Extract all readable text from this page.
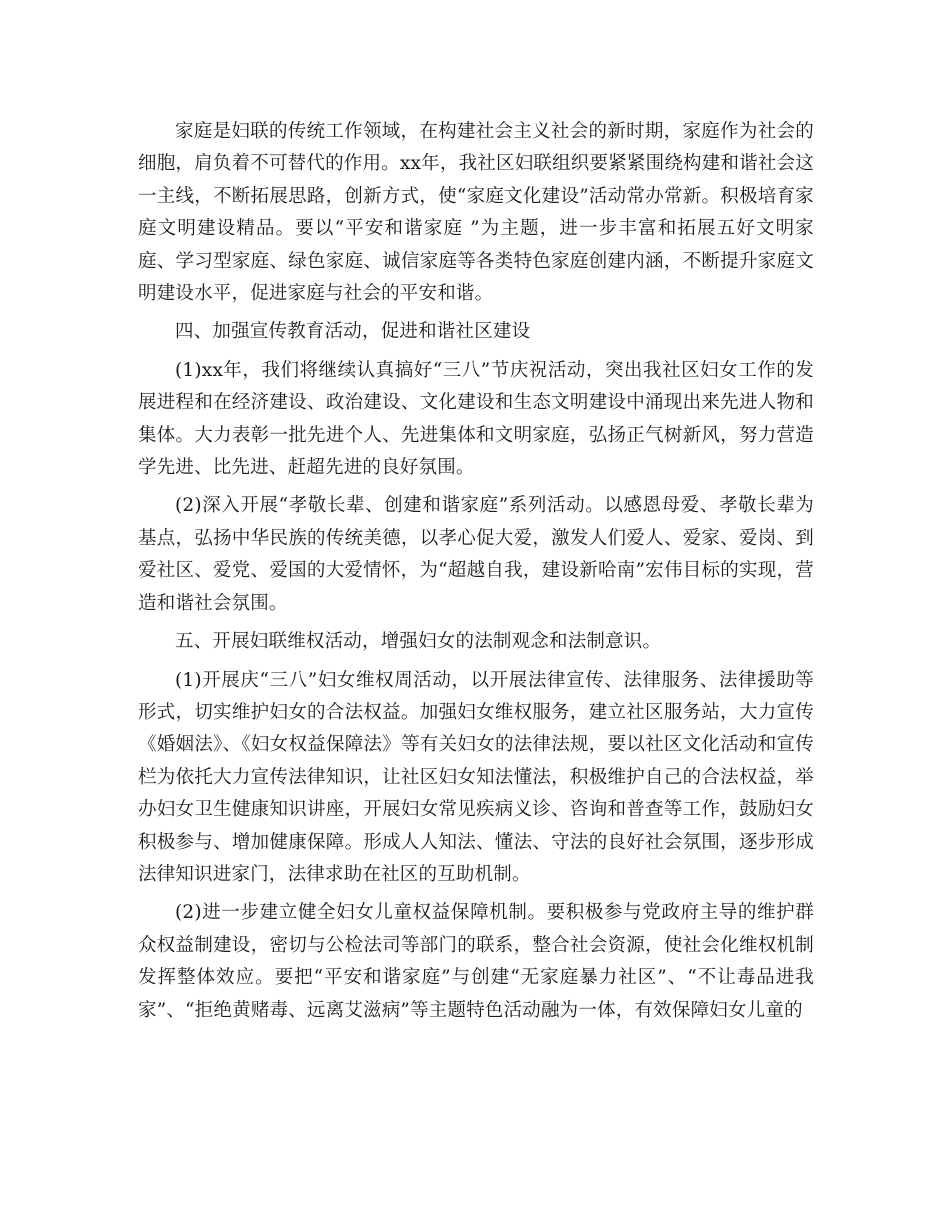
家庭是妇联的传统工作领域，在构建社会主义社会的新时期，家庭作为社会的细胞，肩负着不可替代的作用。xx年，我社区妇联组织要紧紧围绕构建和谐社会这一主线，不断拓展思路，创新方式，使“家庭文化建设”活动常办常新。积极培育家庭文明建设精品。要以“平安和谐家庭 ”为主题，进一步丰富和拓展五好文明家庭、学习型家庭、绿色家庭、诚信家庭等各类特色家庭创建内涵，不断提升家庭文明建设水平，促进家庭与社会的平安和谐。

四、加强宣传教育活动，促进和谐社区建设

(1)xx年，我们将继续认真搞好“三八”节庆祝活动，突出我社区妇女工作的发展进程和在经济建设、政治建设、文化建设和生态文明建设中涌现出来先进人物和集体。大力表彰一批先进个人、先进集体和文明家庭，弘扬正气树新风，努力营造学先进、比先进、赶超先进的良好氛围。

(2)深入开展“孝敬长辈、创建和谐家庭”系列活动。以感恩母爱、孝敬长辈为基点，弘扬中华民族的传统美德，以孝心促大爱，激发人们爱人、爱家、爱岗、到爱社区、爱党、爱国的大爱情怀，为“超越自我，建设新哈南”宏伟目标的实现，营造和谐社会氛围。

五、开展妇联维权活动，增强妇女的法制观念和法制意识。

(1)开展庆“三八”妇女维权周活动，以开展法律宣传、法律服务、法律援助等形式，切实维护妇女的合法权益。加强妇女维权服务，建立社区服务站，大力宣传《婚姻法》、《妇女权益保障法》等有关妇女的法律法规，要以社区文化活动和宣传栏为依托大力宣传法律知识，让社区妇女知法懂法，积极维护自己的合法权益，举办妇女卫生健康知识讲座，开展妇女常见疾病义诊、咨询和普查等工作，鼓励妇女积极参与、增加健康保障。形成人人知法、懂法、守法的良好社会氛围，逐步形成法律知识进家门，法律求助在社区的互助机制。

(2)进一步建立健全妇女儿童权益保障机制。要积极参与党政府主导的维护群众权益制建设，密切与公检法司等部门的联系，整合社会资源，使社会化维权机制发挥整体效应。要把“平安和谐家庭”与创建“无家庭暴力社区”、“不让毒品进我家”、“拒绝黄赌毒、远离艾滋病”等主题特色活动融为一体，有效保障妇女儿童的
